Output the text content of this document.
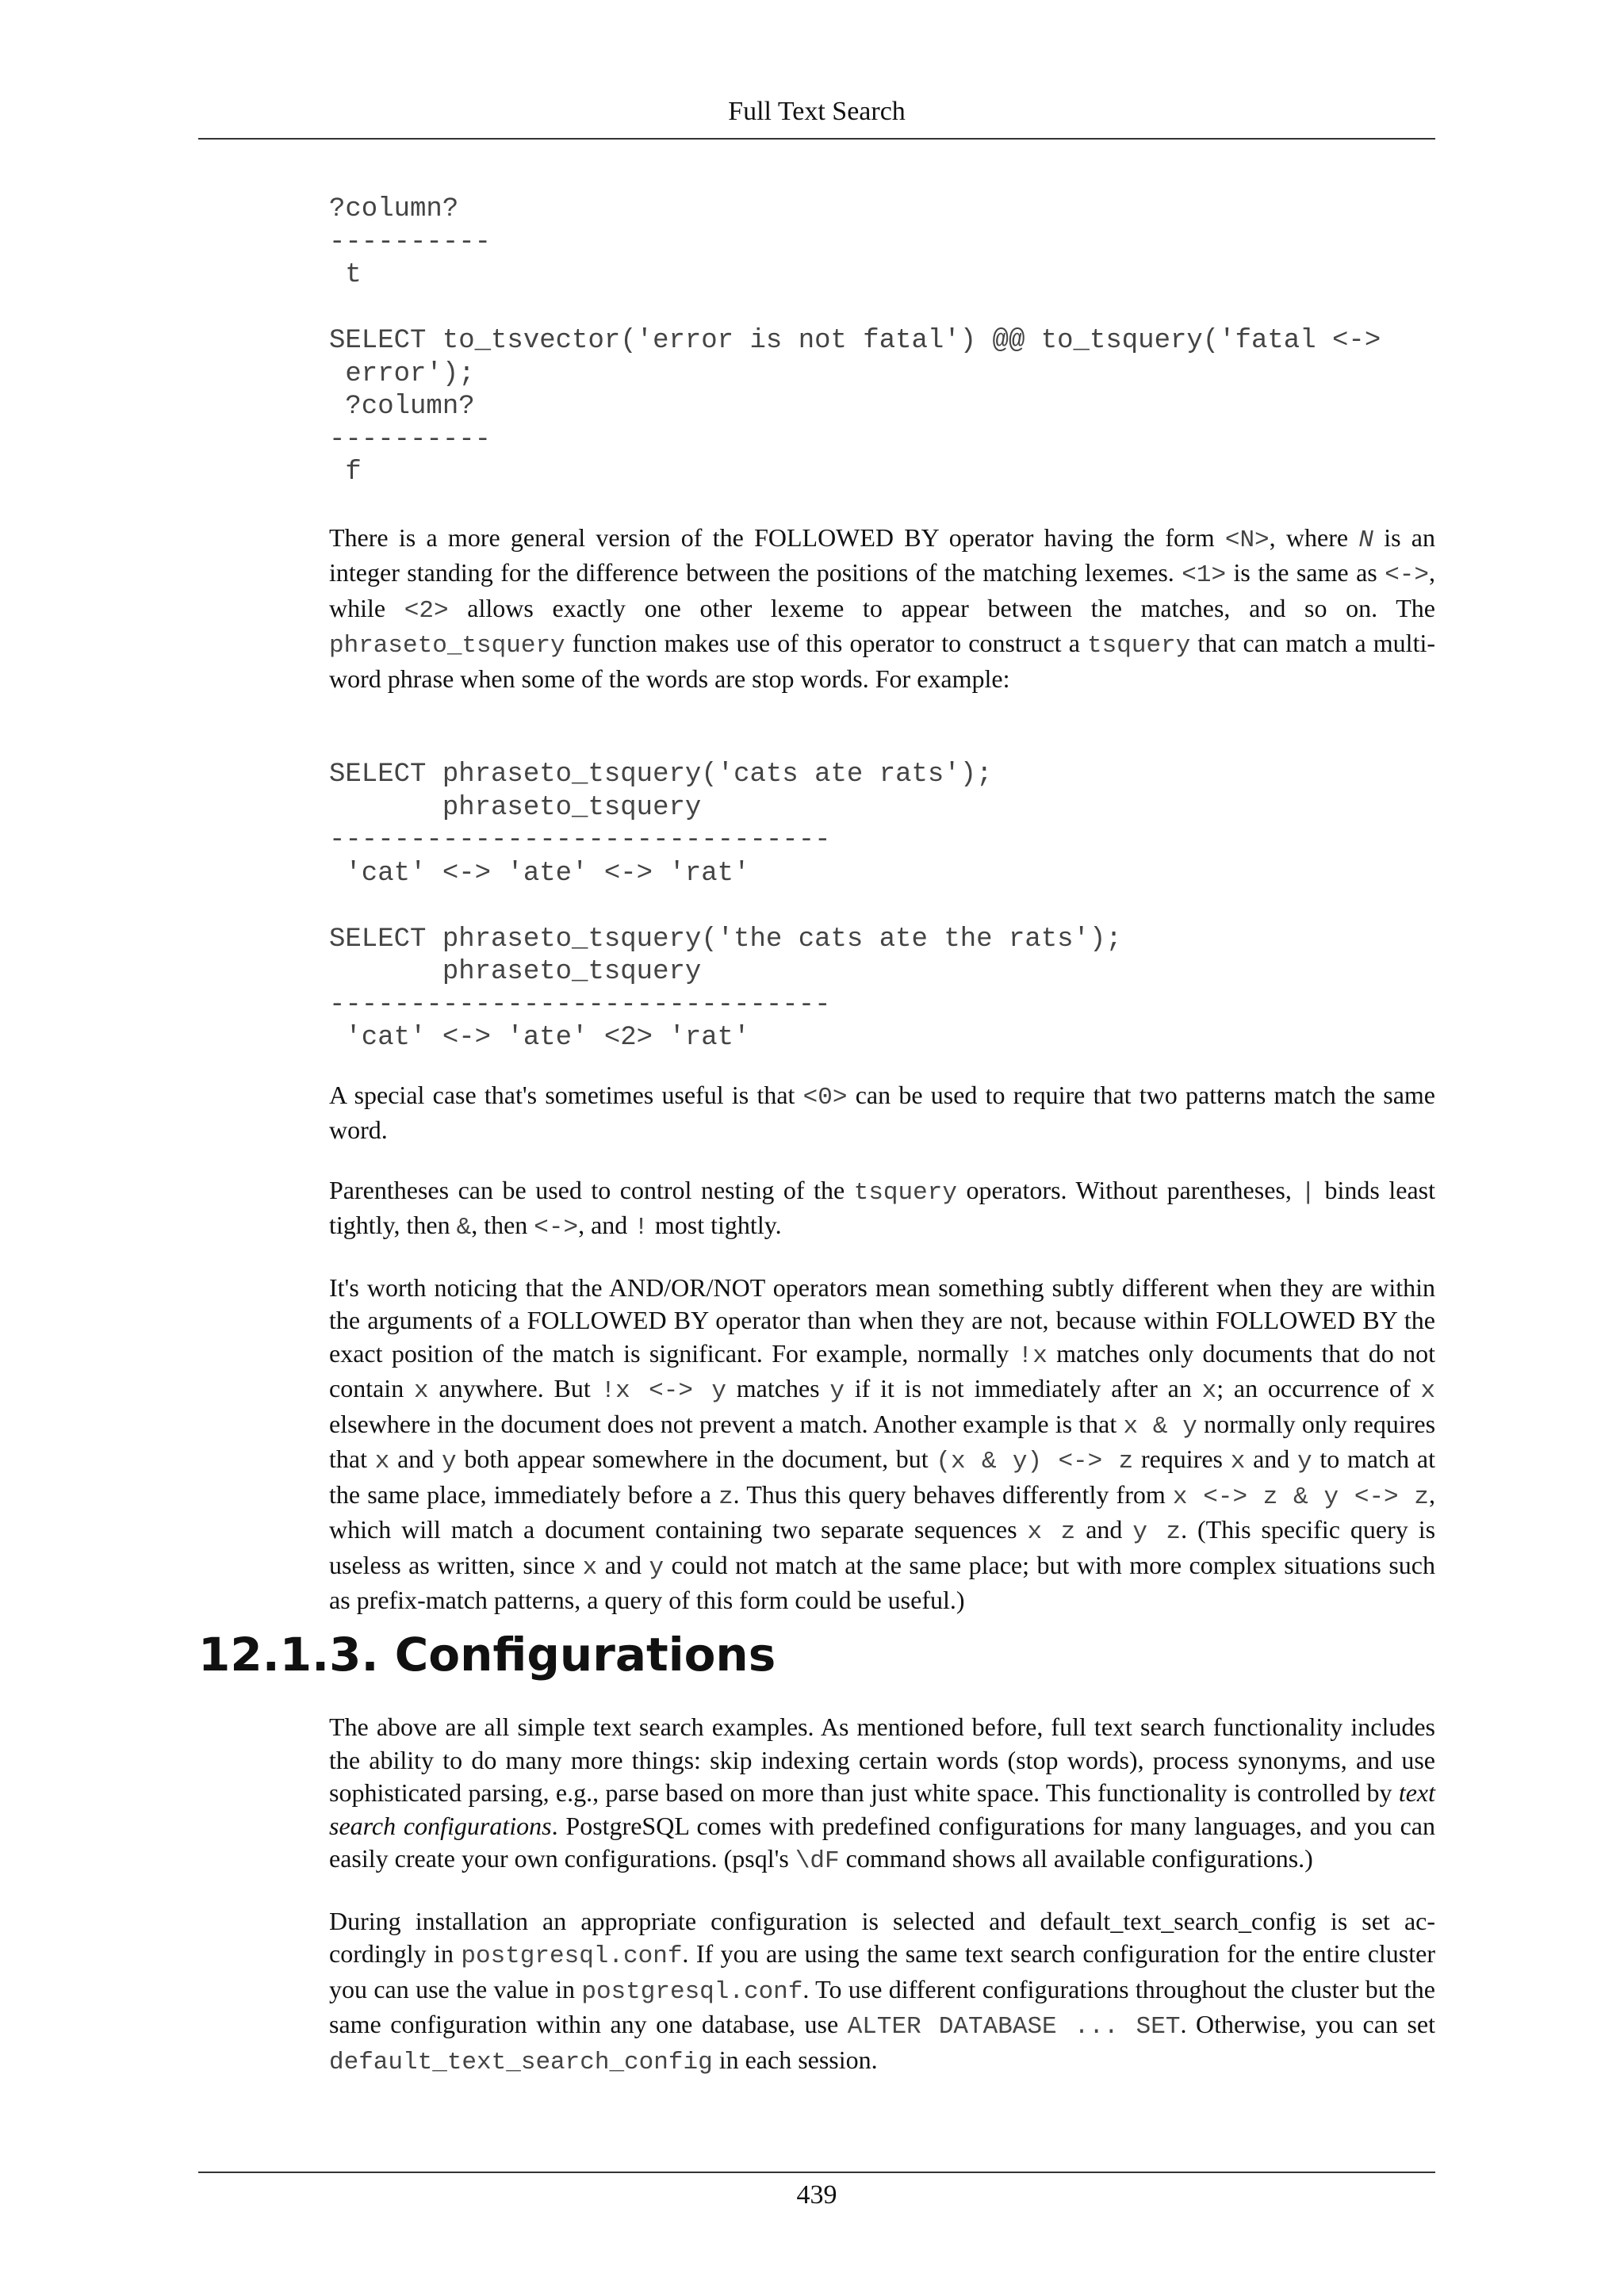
Full Text Search
?column?
----------
t

SELECT to_tsvector('error is not fatal') @@ to_tsquery('fatal <->
error');
?column?
----------
f

There is a more general version of the FOLLOWED BY operator having the form <N>, where N is an integer standing for the difference between the positions of the matching lexemes. <1> is the same as <->, while <2> allows exactly one other lexeme to appear between the matches, and so on. The phraseto_tsquery function makes use of this operator to construct a tsquery that can match a multi-word phrase when some of the words are stop words. For example:

SELECT phraseto_tsquery('cats ate rats');
phraseto_tsquery
-------------------------------
'cat' <-> 'ate' <-> 'rat'

SELECT phraseto_tsquery('the cats ate the rats');
phraseto_tsquery
-------------------------------
'cat' <-> 'ate' <2> 'rat'

A special case that's sometimes useful is that <0> can be used to require that two patterns match the same word.

Parentheses can be used to control nesting of the tsquery operators. Without parentheses, | binds least tightly, then &, then <->, and ! most tightly.

It's worth noticing that the AND/OR/NOT operators mean something subtly different when they are within the arguments of a FOLLOWED BY operator than when they are not, because within FOLLOWED BY the exact position of the match is significant. For example, normally !x matches only documents that do not contain x anywhere. But !x <-> y matches y if it is not immediately after an x; an occurrence of x elsewhere in the document does not prevent a match. Another example is that x & y normally only requires that x and y both appear somewhere in the document, but (x & y) <-> z requires x and y to match at the same place, immediately before a z. Thus this query behaves differently from x <-> z & y <-> z, which will match a document containing two separate sequences x z and y z. (This specific query is useless as written, since x and y could not match at the same place; but with more complex situations such as prefix-match patterns, a query of this form could be useful.)

12.1.3. Configurations

The above are all simple text search examples. As mentioned before, full text search functionality includes the ability to do many more things: skip indexing certain words (stop words), process synonyms, and use sophisticated parsing, e.g., parse based on more than just white space. This functionality is controlled by text search configurations. PostgreSQL comes with predefined configurations for many languages, and you can easily create your own configurations. (psql's \dF command shows all available configurations.)

During installation an appropriate configuration is selected and default_text_search_config is set accordingly in postgresql.conf. If you are using the same text search configuration for the entire cluster you can use the value in postgresql.conf. To use different configurations throughout the cluster but the same configuration within any one database, use ALTER DATABASE ... SET. Otherwise, you can set default_text_search_config in each session.

439
